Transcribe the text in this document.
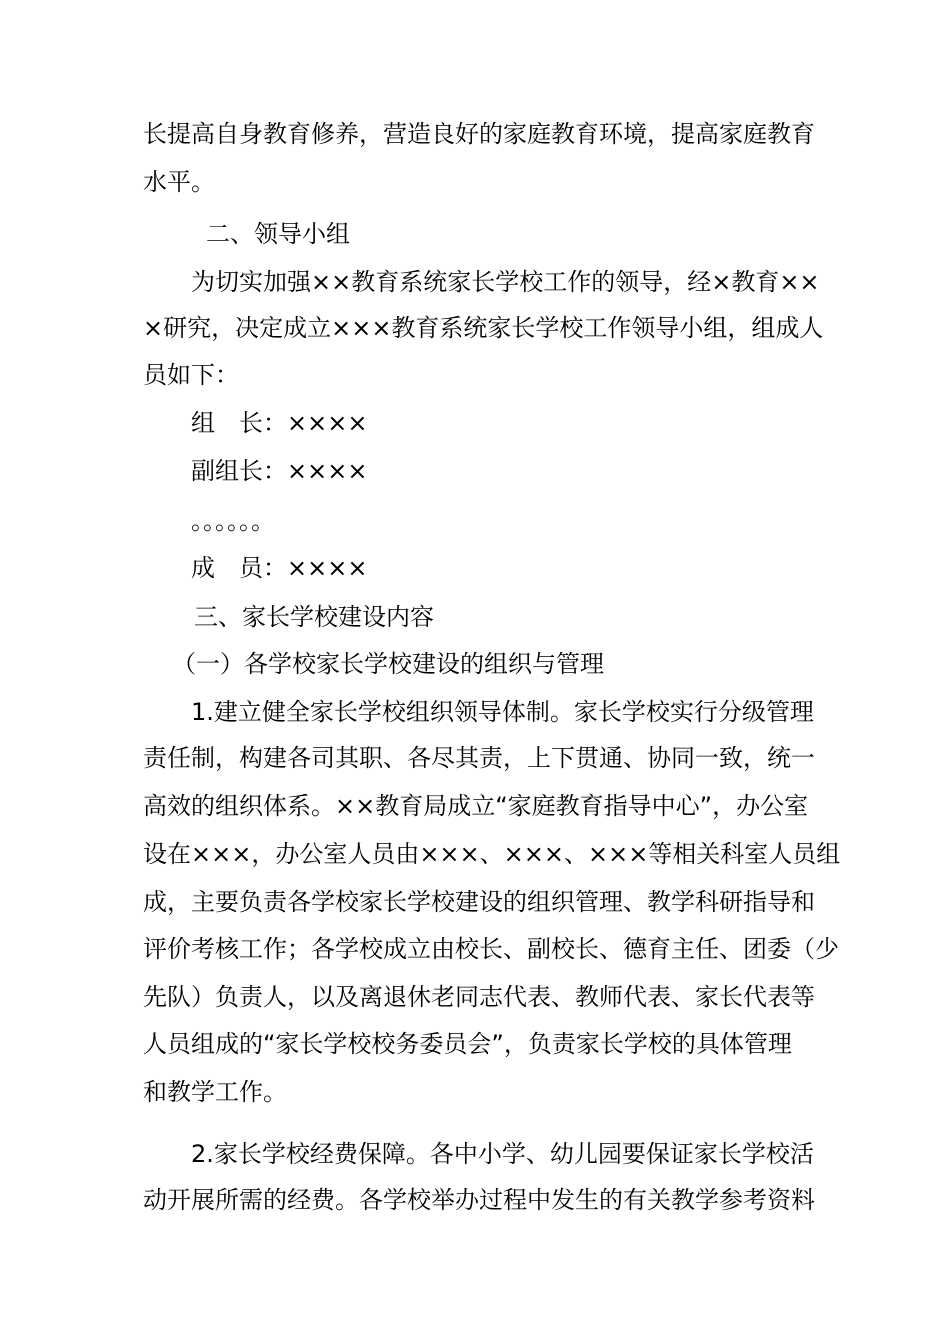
长提高自身教育修养，营造良好的家庭教育环境，提高家庭教育
水平。
二、领导小组
为切实加强××教育系统家长学校工作的领导，经×教育××
×研究，决定成立×××教育系统家长学校工作领导小组，组成人
员如下：
组　长：××××
副组长：××××
。。。。。。
成　员：××××
三、家长学校建设内容
（一）各学校家长学校建设的组织与管理
1.建立健全家长学校组织领导体制。家长学校实行分级管理
责任制，构建各司其职、各尽其责，上下贯通、协同一致，统一
高效的组织体系。××教育局成立“家庭教育指导中心”，办公室
设在×××，办公室人员由×××、×××、×××等相关科室人员组
成，主要负责各学校家长学校建设的组织管理、教学科研指导和
评价考核工作；各学校成立由校长、副校长、德育主任、团委（少
先队）负责人，以及离退休老同志代表、教师代表、家长代表等
人员组成的“家长学校校务委员会”，负责家长学校的具体管理
和教学工作。
2.家长学校经费保障。各中小学、幼儿园要保证家长学校活
动开展所需的经费。各学校举办过程中发生的有关教学参考资料
